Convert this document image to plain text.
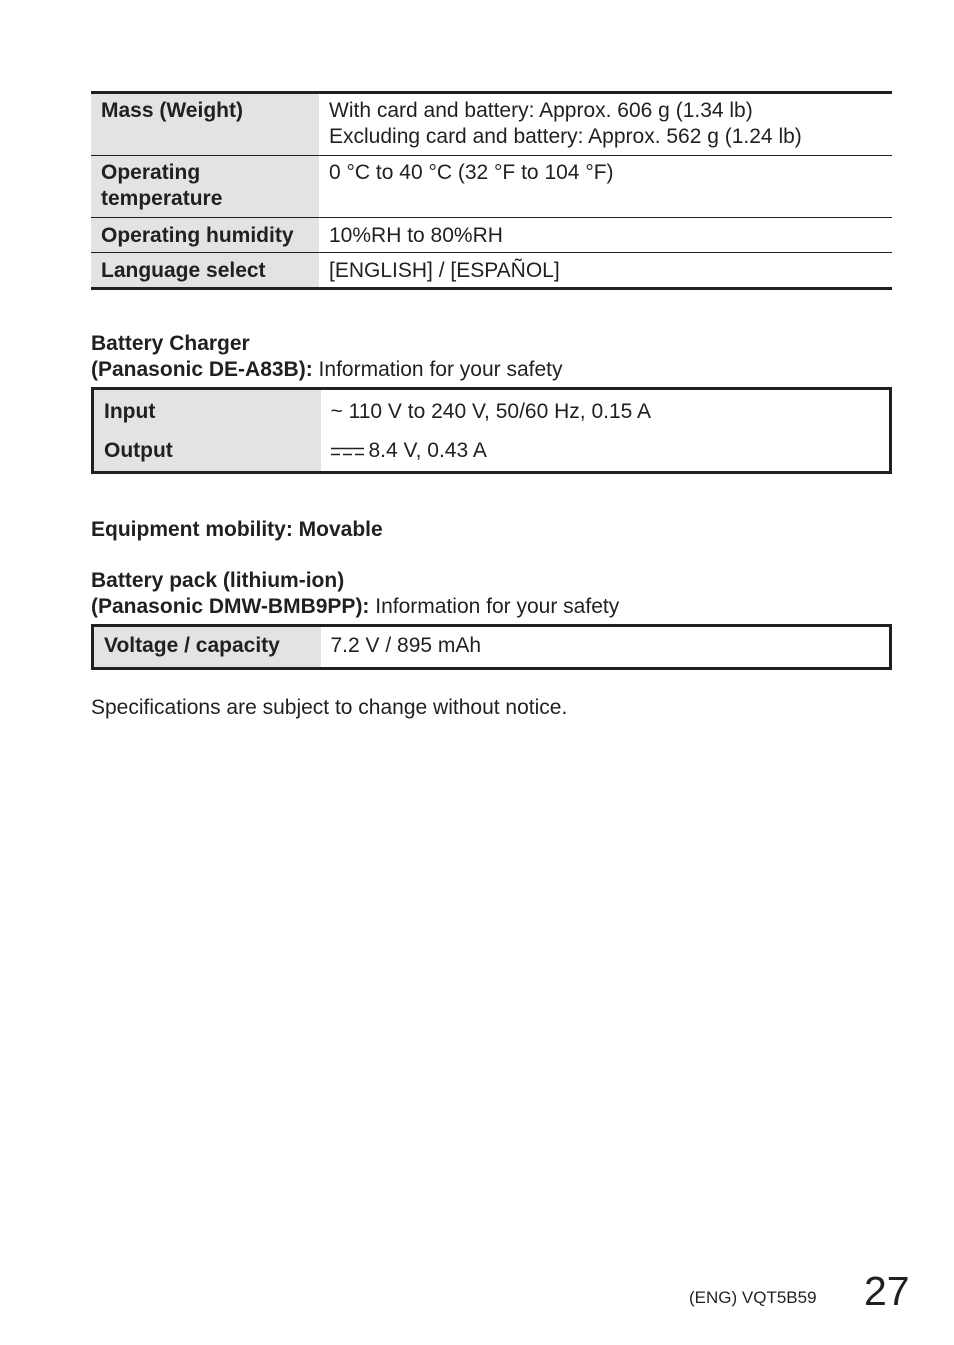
Mass (Weight)	With card and battery: Approx. 606 g (1.34 lb)
Excluding card and battery: Approx. 562 g (1.24 lb)

Operating
temperature	0 °C to 40 °C (32 °F to 104 °F)
Operating humidity	10%RH to 80%RH
Language select	[ENGLISH] / [ESPAÑOL]

Battery Charger
(Panasonic DE-A83B): Information for your safety

Input	~ 110 V to 240 V, 50/60 Hz, 0.15 A
Output	8.4 V, 0.43 A

Equipment mobility: Movable

Battery pack (lithium-ion)
(Panasonic DMW-BMB9PP): Information for your safety

Voltage / capacity	7.2 V / 895 mAh

Specifications are subject to change without notice.

(ENG) VQT5B59 27
